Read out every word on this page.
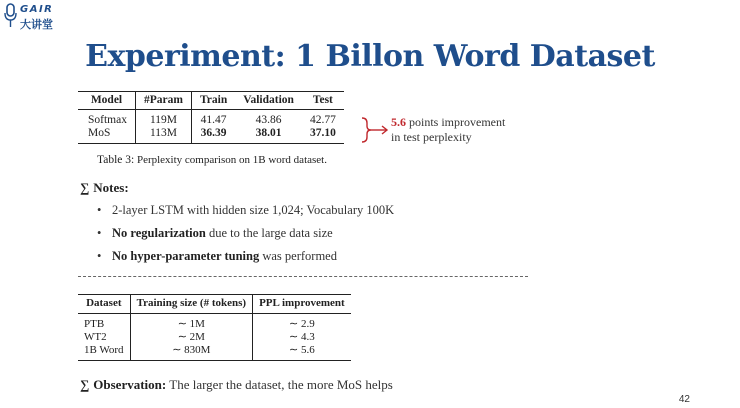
GAIR
大讲堂
Experiment: 1 Billon Word Dataset
Model	#Param	Train	Validation	Test
Softmax	119M	41.47	43.86	42.77
MoS	113M	36.39	38.01	37.10
5.6 points improvement
in test perplexity
Table 3: Perplexity comparison on 1B word dataset.
∑ Notes:
• 2-layer LSTM with hidden size 1,024; Vocabulary 100K
• No regularization due to the large data size
• No hyper-parameter tuning was performed
Dataset	Training size (# tokens)	PPL improvement
PTB	∼ 1M	∼ 2.9
WT2	∼ 2M	∼ 4.3
1B Word	∼ 830M	∼ 5.6
∑ Observation: The larger the dataset, the more MoS helps
42
